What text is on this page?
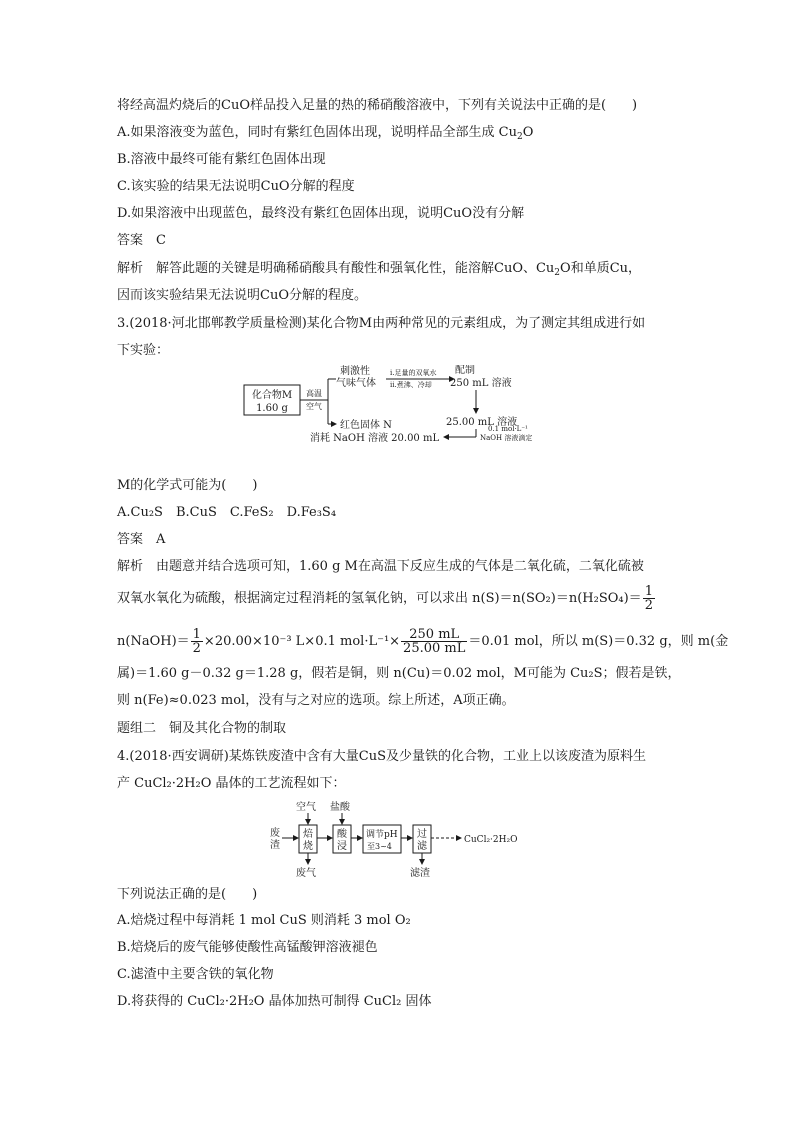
将经高温灼烧后的CuO样品投入足量的热的稀硝酸溶液中，下列有关说法中正确的是(　　)
A.如果溶液变为蓝色，同时有紫红色固体出现，说明样品全部生成 $Cu_2O$
B.溶液中最终可能有紫红色固体出现
C.该实验的结果无法说明CuO分解的程度
D.如果溶液中出现蓝色，最终没有紫红色固体出现，说明CuO没有分解
答案　C
解析　解答此题的关键是明确稀硝酸具有酸性和强氧化性，能溶解CuO、$Cu_2O$和单质Cu，
因而该实验结果无法说明CuO分解的程度。
3.(2018·河北邯郸教学质量检测)某化合物M由两种常见的元素组成，为了测定其组成进行如
下实验：
化合物M
1.60 g
高温
空气
刺激性
气味气体
ⅰ.足量的双氧水
ⅱ.煮沸、冷却
配制
250 mL 溶液
红色固体 N	25.00 mL 溶液
0.1 mol·L⁻¹
NaOH 溶液滴定
消耗 NaOH 溶液 20.00 mL
M的化学式可能为(　　)
A.Cu₂S　B.CuS　C.FeS₂　D.Fe₃S₄
答案　A
解析　由题意并结合选项可知，1.60 g M在高温下反应生成的气体是二氧化硫，二氧化硫被
双氧水氧化为硫酸，根据滴定过程消耗的氢氧化钠，可以求出 $n(S)=n(SO_2)=n(H_2SO_4)= \frac{1}{2}$
n(NaOH)＝ $\frac{1}{2} \times 20.00\times 10^{-3}$ L×0.1 $mol\cdot L^{-1}\times \frac{250 mL}{25.00 mL} =0.01$ mol，所以 m(S)＝0.32 g，则 m(金
属)＝1.60 g－0.32 g＝1.28 g，假若是铜，则 n(Cu)＝0.02 mol，M可能为 Cu₂S；假若是铁，
则 n(Fe)≈0.023 mol，没有与之对应的选项。综上所述，A项正确。
题组二　铜及其化合物的制取
4.(2018·西安调研)某炼铁废渣中含有大量CuS及少量铁的化合物，工业上以该废渣为原料生
产 CuCl₂·2H₂O 晶体的工艺流程如下：
空气 盐酸
废
渣
焙
烧
酸
浸
调节pH
至3~4
过
滤
CuCl₂·2H₂O
废气	滤渣
下列说法正确的是(　　)
A.焙烧过程中每消耗 1 mol CuS 则消耗 3 mol O₂
B.焙烧后的废气能够使酸性高锰酸钾溶液褪色
C.滤渣中主要含铁的氧化物
D.将获得的 CuCl₂·2H₂O 晶体加热可制得 CuCl₂ 固体
